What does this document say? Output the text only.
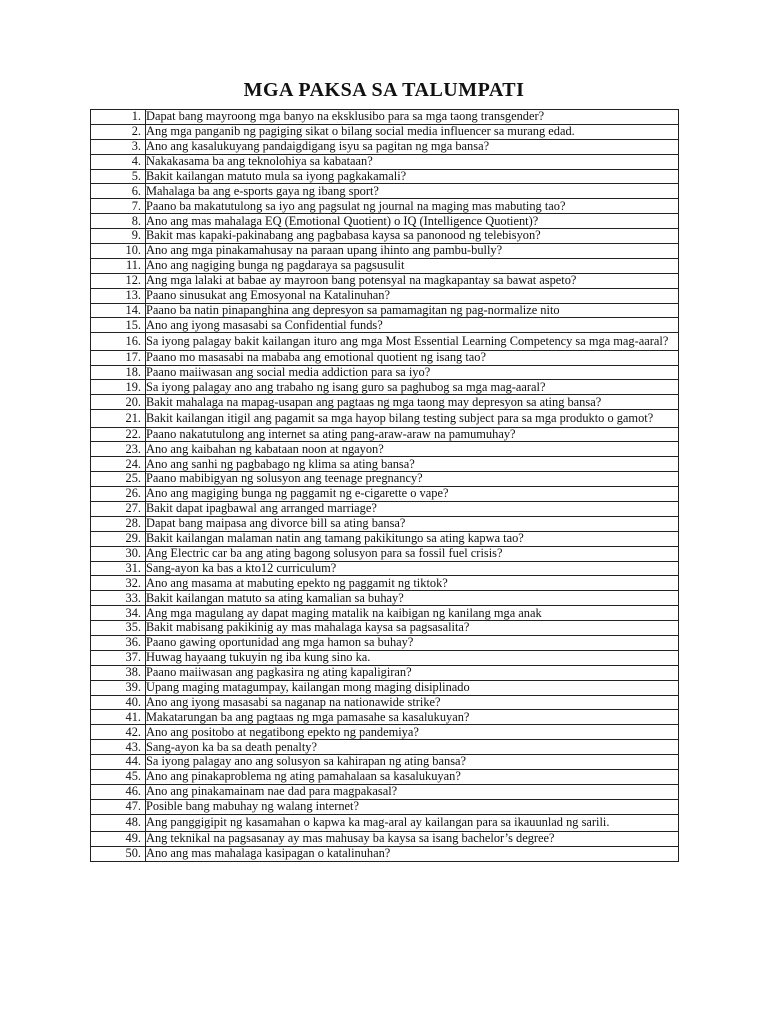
MGA PAKSA SA TALUMPATI
1.	Dapat bang mayroong mga banyo na eksklusibo para sa mga taong transgender?
2.	Ang mga panganib ng pagiging sikat o bilang social media influencer sa murang edad.
3.	Ano ang kasalukuyang pandaigdigang isyu sa pagitan ng mga bansa?
4.	Nakakasama ba ang teknolohiya sa kabataan?
5.	Bakit kailangan matuto mula sa iyong pagkakamali?
6.	Mahalaga ba ang e-sports gaya ng ibang sport?
7.	Paano ba makatutulong sa iyo ang pagsulat ng journal na maging mas mabuting tao?
8.	Ano ang mas mahalaga EQ (Emotional Quotient) o IQ (Intelligence Quotient)?
9.	Bakit mas kapaki-pakinabang ang pagbabasa kaysa sa panonood ng telebisyon?
10.	Ano ang mga pinakamahusay na paraan upang ihinto ang pambu-bully?
11.	Ano ang nagiging bunga ng pagdaraya sa pagsusulit
12.	Ang mga lalaki at babae ay mayroon bang potensyal na magkapantay sa bawat aspeto?
13.	Paano sinusukat ang Emosyonal na Katalinuhan?
14.	Paano ba natin pinapanghina ang depresyon sa pamamagitan ng pag-normalize nito
15.	Ano ang iyong masasabi sa Confidential funds?
16.	Sa iyong palagay bakit kailangan ituro ang mga Most Essential Learning Competency sa mga mag-aaral?
17.	Paano mo masasabi na mababa ang emotional quotient ng isang tao?
18.	Paano maiiwasan ang social media addiction para sa iyo?
19.	Sa iyong palagay ano ang trabaho ng isang guro sa paghubog sa mga mag-aaral?
20.	Bakit mahalaga na mapag-usapan ang pagtaas ng mga taong may depresyon sa ating bansa?
21.	Bakit kailangan itigil ang pagamit sa mga hayop bilang testing subject para sa mga produkto o gamot?
22.	Paano nakatutulong ang internet sa ating pang-araw-araw na pamumuhay?
23.	Ano ang kaibahan ng kabataan noon at ngayon?
24.	Ano ang sanhi ng pagbabago ng klima sa ating bansa?
25.	Paano mabibigyan ng solusyon ang teenage pregnancy?
26.	Ano ang magiging bunga ng paggamit ng e-cigarette o vape?
27.	Bakit dapat ipagbawal ang arranged marriage?
28.	Dapat bang maipasa ang divorce bill sa ating bansa?
29.	Bakit kailangan malaman natin ang tamang pakikitungo sa ating kapwa tao?
30.	Ang Electric car ba ang ating bagong solusyon para sa fossil fuel crisis?
31.	Sang-ayon ka bas a kto12 curriculum?
32.	Ano ang masama at mabuting epekto ng paggamit ng tiktok?
33.	Bakit kailangan matuto sa ating kamalian sa buhay?
34.	Ang mga magulang ay dapat maging matalik na kaibigan ng kanilang mga anak
35.	Bakit mabisang pakikinig ay mas mahalaga kaysa sa pagsasalita?
36.	Paano gawing oportunidad ang mga hamon sa buhay?
37.	Huwag hayaang tukuyin ng iba kung sino ka.
38.	Paano maiiwasan ang pagkasira ng ating kapaligiran?
39.	Upang maging matagumpay, kailangan mong maging disiplinado
40.	Ano ang iyong masasabi sa naganap na nationawide strike?
41.	Makatarungan ba ang pagtaas ng mga pamasahe sa kasalukuyan?
42.	Ano ang positobo at negatibong epekto ng pandemiya?
43.	Sang-ayon ka ba sa death penalty?
44.	Sa iyong palagay ano ang solusyon sa kahirapan ng ating bansa?
45.	Ano ang pinakaproblema ng ating pamahalaan sa kasalukuyan?
46.	Ano ang pinakamainam nae dad para magpakasal?
47.	Posible bang mabuhay ng walang internet?
48.	Ang panggigipit ng kasamahan o kapwa ka mag-aral ay kailangan para sa ikauunlad ng sarili.
49.	Ang teknikal na pagsasanay ay mas mahusay ba kaysa sa isang bachelor’s degree?
50.	Ano ang mas mahalaga kasipagan o katalinuhan?
